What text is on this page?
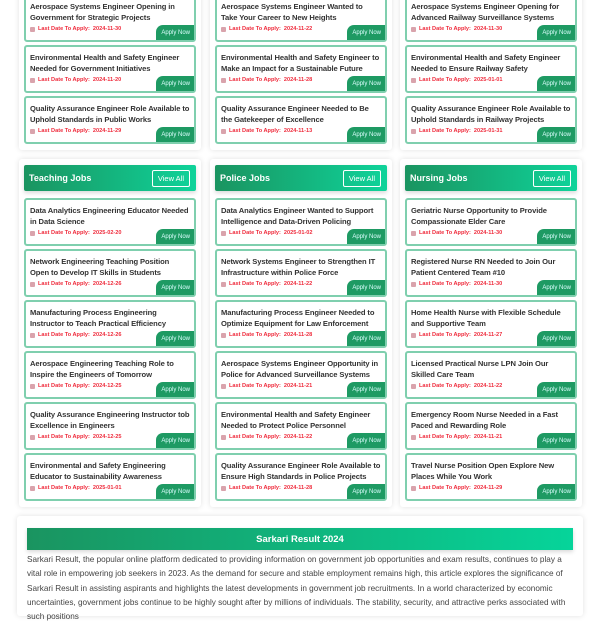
Aerospace Systems Engineer Opening in Government for Strategic Projects
Last Date To Apply: 2024-11-30
Apply Now
Environmental Health and Safety Engineer Needed for Government Initiatives
Last Date To Apply: 2024-11-20
Apply Now
Quality Assurance Engineer Role Available to Uphold Standards in Public Works
Last Date To Apply: 2024-11-29
Apply Now
Aerospace Systems Engineer Wanted to Take Your Career to New Heights
Last Date To Apply: 2024-11-22
Apply Now
Environmental Health and Safety Engineer to Make an Impact for a Sustainable Future
Last Date To Apply: 2024-11-28
Apply Now
Quality Assurance Engineer Needed to Be the Gatekeeper of Excellence
Last Date To Apply: 2024-11-13
Apply Now
Aerospace Systems Engineer Opening for Advanced Railway Surveillance Systems
Last Date To Apply: 2024-11-30
Apply Now
Environmental Health and Safety Engineer Needed to Ensure Railway Safety
Last Date To Apply: 2025-01-01
Apply Now
Quality Assurance Engineer Role Available to Uphold Standards in Railway Projects
Last Date To Apply: 2025-01-31
Apply Now
Teaching Jobs	View All
Data Analytics Engineering Educator Needed in Data Science
Last Date To Apply: 2025-02-20
Apply Now
Network Engineering Teaching Position Open to Develop IT Skills in Students
Last Date To Apply: 2024-12-26
Apply Now
Manufacturing Process Engineering Instructor to Teach Practical Efficiency
Last Date To Apply: 2024-12-26
Apply Now
Aerospace Engineering Teaching Role to Inspire the Engineers of Tomorrow
Last Date To Apply: 2024-12-25
Apply Now
Quality Assurance Engineering Instructor tob Excellence in Engineers
Last Date To Apply: 2024-12-25
Apply Now
Environmental and Safety Engineering Educator to Sustainability Awareness
Last Date To Apply: 2025-01-01
Apply Now
Police Jobs	View All
Data Analytics Engineer Wanted to Support Intelligence and Data-Driven Policing
Last Date To Apply: 2025-01-02
Apply Now
Network Systems Engineer to Strengthen IT Infrastructure within Police Force
Last Date To Apply: 2024-11-22
Apply Now
Manufacturing Process Engineer Needed to Optimize Equipment for Law Enforcement
Last Date To Apply: 2024-11-28
Apply Now
Aerospace Systems Engineer Opportunity in Police for Advanced Surveillance Systems
Last Date To Apply: 2024-11-21
Apply Now
Environmental Health and Safety Engineer Needed to Protect Police Personnel
Last Date To Apply: 2024-11-22
Apply Now
Quality Assurance Engineer Role Available to Ensure High Standards in Police Projects
Last Date To Apply: 2024-11-28
Apply Now
Nursing Jobs	View All
Geriatric Nurse Opportunity to Provide Compassionate Elder Care
Last Date To Apply: 2024-11-30
Apply Now
Registered Nurse RN Needed to Join Our Patient Centered Team #10
Last Date To Apply: 2024-11-30
Apply Now
Home Health Nurse with Flexible Schedule and Supportive Team
Last Date To Apply: 2024-11-27
Apply Now
Licensed Practical Nurse LPN Join Our Skilled Care Team
Last Date To Apply: 2024-11-22
Apply Now
Emergency Room Nurse Needed in a Fast Paced and Rewarding Role
Last Date To Apply: 2024-11-21
Apply Now
Travel Nurse Position Open Explore New Places While You Work
Last Date To Apply: 2024-11-29
Apply Now
Sarkari Result 2024

Sarkari Result, the popular online platform dedicated to providing information on government job opportunities and exam results, continues to play a vital role in empowering job seekers in 2023. As the demand for secure and stable employment remains high, this article explores the significance of Sarkari Result in assisting aspirants and highlights the latest developments in government job recruitments. In a world characterized by economic uncertainties, government jobs continue to be highly sought after by millions of individuals. The stability, security, and attractive perks associated with such positions
